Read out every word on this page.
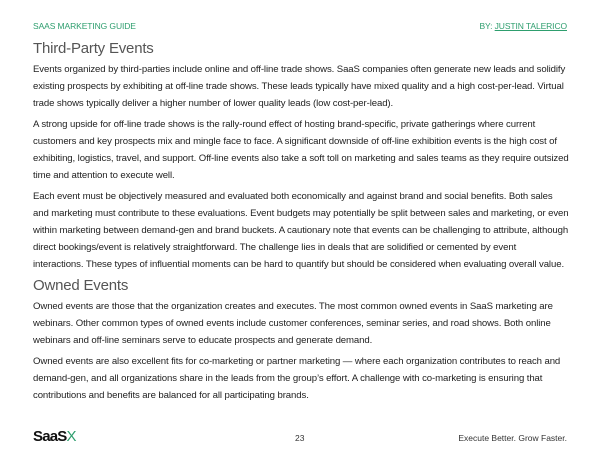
SAAS MARKETING GUIDE	BY: JUSTIN TALERICO
Third-Party Events

Events organized by third-parties include online and off-line trade shows. SaaS companies often generate new leads and solidify existing prospects by exhibiting at off-line trade shows. These leads typically have mixed quality and a high cost-per-lead. Virtual trade shows typically deliver a higher number of lower quality leads (low cost-per-lead).

A strong upside for off-line trade shows is the rally-round effect of hosting brand-specific, private gatherings where current customers and key prospects mix and mingle face to face. A significant downside of off-line exhibition events is the high cost of exhibiting, logistics, travel, and support. Off-line events also take a soft toll on marketing and sales teams as they require outsized time and attention to execute well.

Each event must be objectively measured and evaluated both economically and against brand and social benefits. Both sales and marketing must contribute to these evaluations. Event budgets may potentially be split between sales and marketing, or even within marketing between demand-gen and brand buckets. A cautionary note that events can be challenging to attribute, although direct bookings/event is relatively straightforward. The challenge lies in deals that are solidified or cemented by event interactions. These types of influential moments can be hard to quantify but should be considered when evaluating overall value.

Owned Events

Owned events are those that the organization creates and executes. The most common owned events in SaaS marketing are webinars. Other common types of owned events include customer conferences, seminar series, and road shows. Both online webinars and off-line seminars serve to educate prospects and generate demand.

Owned events are also excellent fits for co-marketing or partner marketing — where each organization contributes to reach and demand-gen, and all organizations share in the leads from the group’s effort. A challenge with co-marketing is ensuring that contributions and benefits are balanced for all participating brands.

SaaSX	23	Execute Better. Grow Faster.
